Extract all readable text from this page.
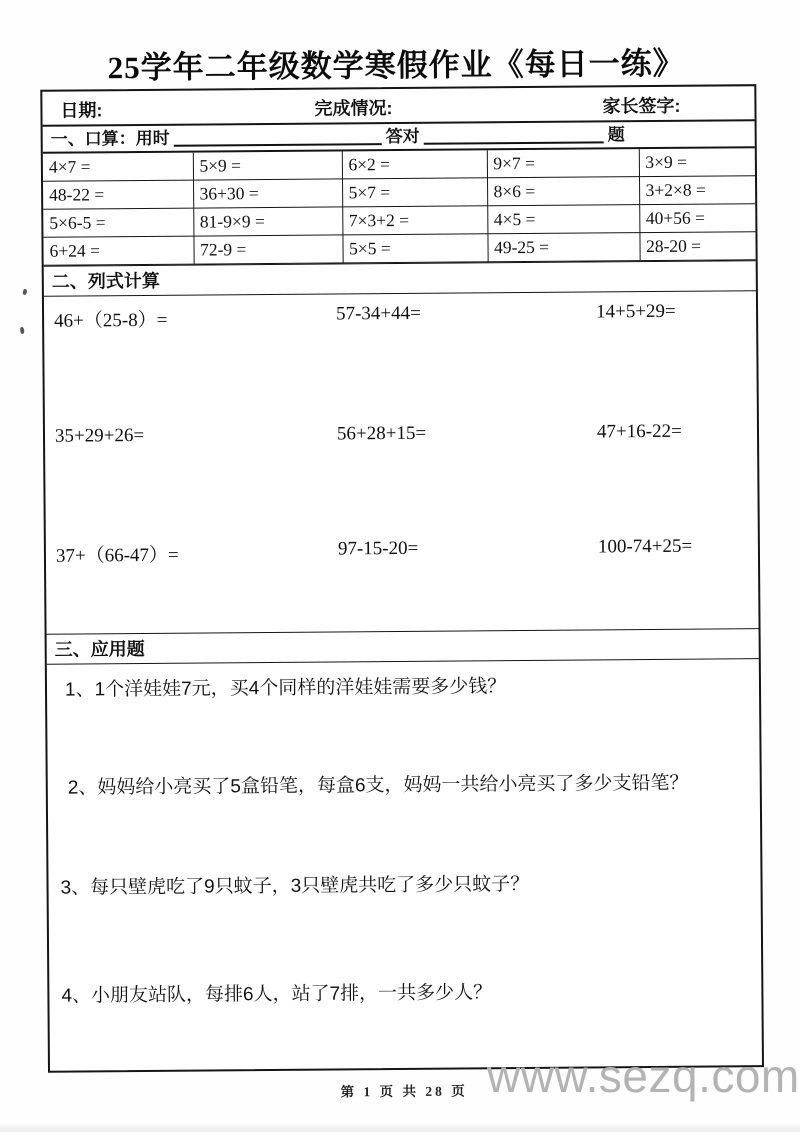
25学年二年级数学寒假作业《每日一练》
日期:	完成情况:	家长签字:
一、口算：用时	答对	题
4×7 =	5×9 =	6×2 =	9×7 =	3×9 =
48-22 =	36+30 =	5×7 =	8×6 =	3+2×8 =
5×6-5 =	81-9×9 =	7×3+2 =	4×5 =	40+56 =
6+24 =	72-9 =	5×5 =	49-25 =	28-20 =
二、列式计算
46+（25-8）=	57-34+44=	14+5+29=
35+29+26=	56+28+15=	47+16-22=
37+（66-47）=	97-15-20=	100-74+25=
三、应用题
1、1个洋娃娃7元，买4个同样的洋娃娃需要多少钱？
2、妈妈给小亮买了5盒铅笔，每盒6支，妈妈一共给小亮买了多少支铅笔？
3、每只壁虎吃了9只蚊子，3只壁虎共吃了多少只蚊子？
4、小朋友站队，每排6人，站了7排，一共多少人？
第 1 页 共 28 页 www.sezq.com
